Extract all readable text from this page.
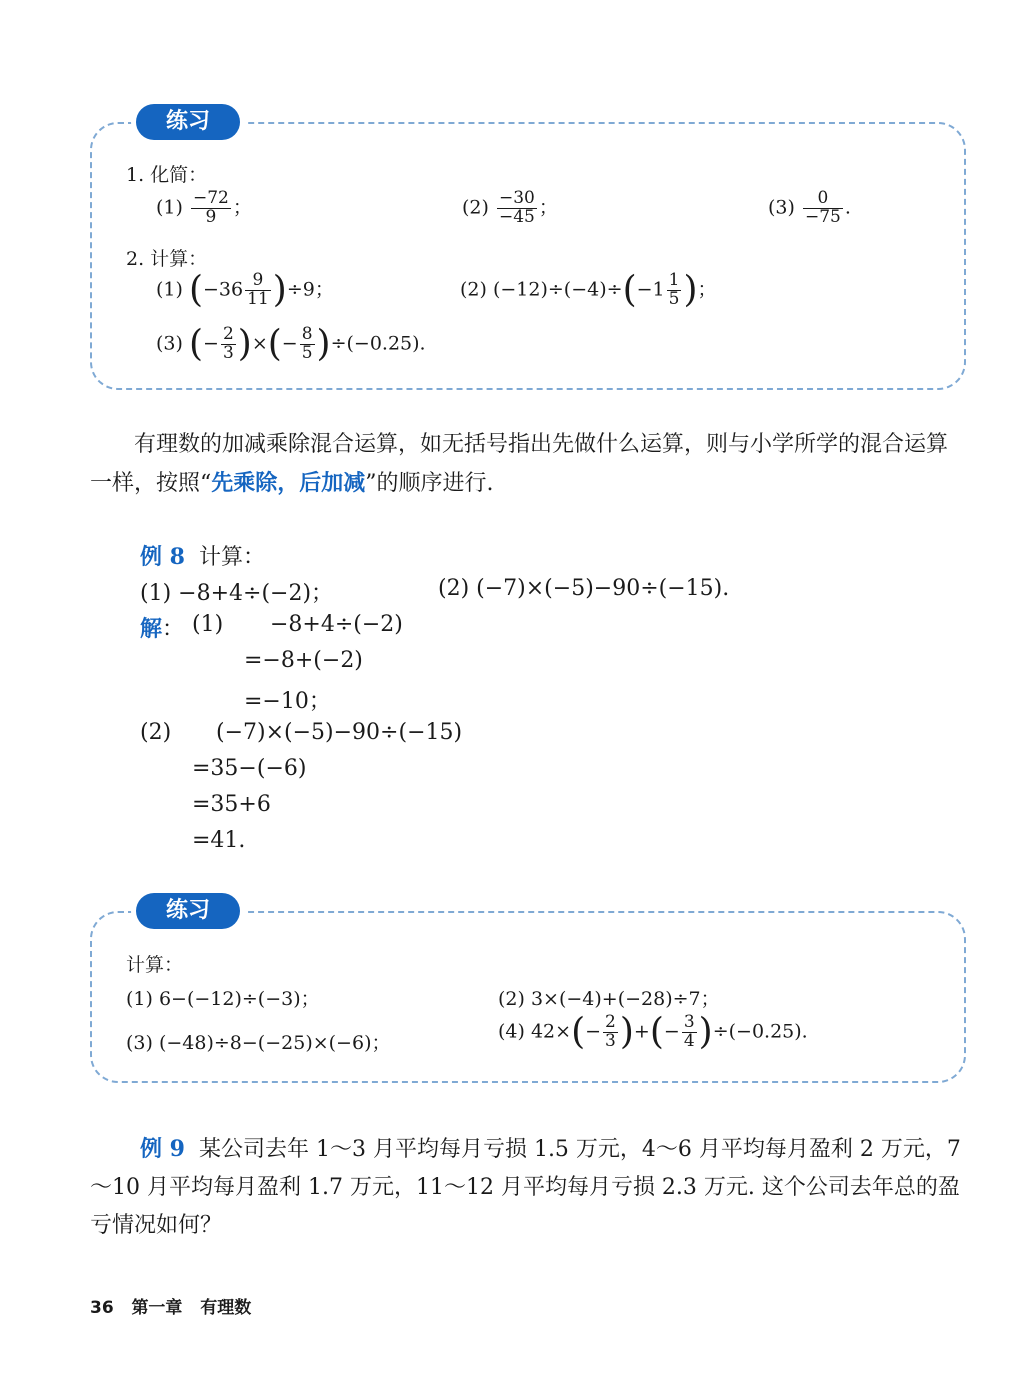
练习
1. 化简：
$(1) \frac{-72}{9}$ ；	$(2) \frac{-30}{-45}$ ；	$(3) \frac{0}{-75}$ .
2. 计算：
(1) $(-36 \frac{9}{11} )\div 9$；	(2) $(-12)\div(-4)\div(-1 \frac{1}{5}$ )；
(3) (− $\frac{2}{3}$ )×(− $\frac{8}{5} )\div(-0.25)$.
有理数的加减乘除混合运算，如无括号指出先做什么运算，则与小学所学的混合运算一样，按照“先乘除，后加减”的顺序进行.
例 8 计算：
(1) −8+4÷(−2)；	(2) (−7)×(−5)−90÷(−15).
解： (1) −8+4÷(−2)
=−8+(−2)
=−10；
(2) (−7)×(−5)−90÷(−15)
=35−(−6)
=35+6
=41.
练习
计算：
(1) 6−(−12)÷(−3)；	(2) 3×(−4)+(−28)÷7；
(3) (−48)÷8−(−25)×(−6)；
(4) $42\times(- \frac{2}{3}$ )+(− $\frac{3}{4} )\div(-0.25)$.
例 9 某公司去年 1～3 月平均每月亏损 1.5 万元，4～6 月平均每月盈利 2 万元，7～10 月平均每月盈利 1.7 万元，11～12 月平均每月亏损 2.3 万元. 这个公司去年总的盈亏情况如何？
36 第一章 有理数
